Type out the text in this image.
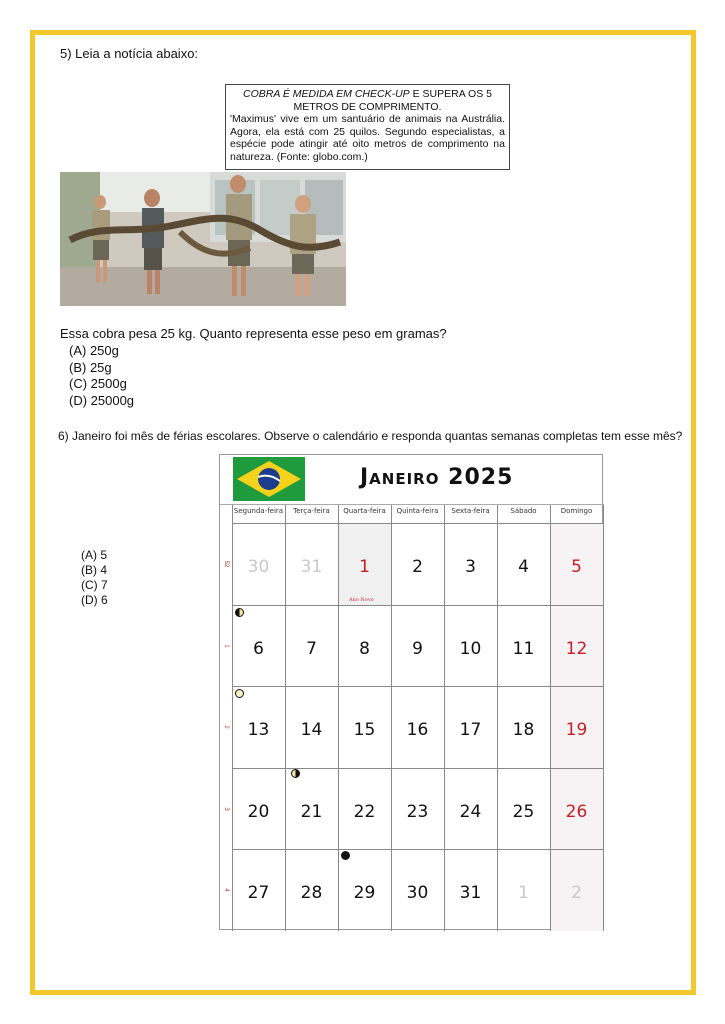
5) Leia a notícia abaixo:
COBRA É MEDIDA EM CHECK-UP E SUPERA OS 5 METROS DE COMPRIMENTO.
'Maximus' vive em um santuário de animais na Austrália. Agora, ela está com 25 quilos. Segundo especialistas, a espécie pode atingir até oito metros de comprimento na natureza. (Fonte: globo.com.)
Essa cobra pesa 25 kg. Quanto representa esse peso em gramas?
(A) 250g
(B) 25g
(C) 2500g
(D) 25000g
6) Janeiro foi mês de férias escolares. Observe o calendário e responda quantas semanas completas tem esse mês?
(A) 5
(B) 4
(C) 7
(D) 6
Janeiro 2025
Segunda-feira	Terça-feira	Quarta-feira	Quinta-feira	Sexta-feira	Sábado	Domingo
52
1
2
3
4
30	31	1	2	3	4	5
6	7	8	9	10	11	12
13	14	15	16	17	18	19
20	21	22	23	24	25	26
27	28	29	30	31	1	2
Ano Novo
